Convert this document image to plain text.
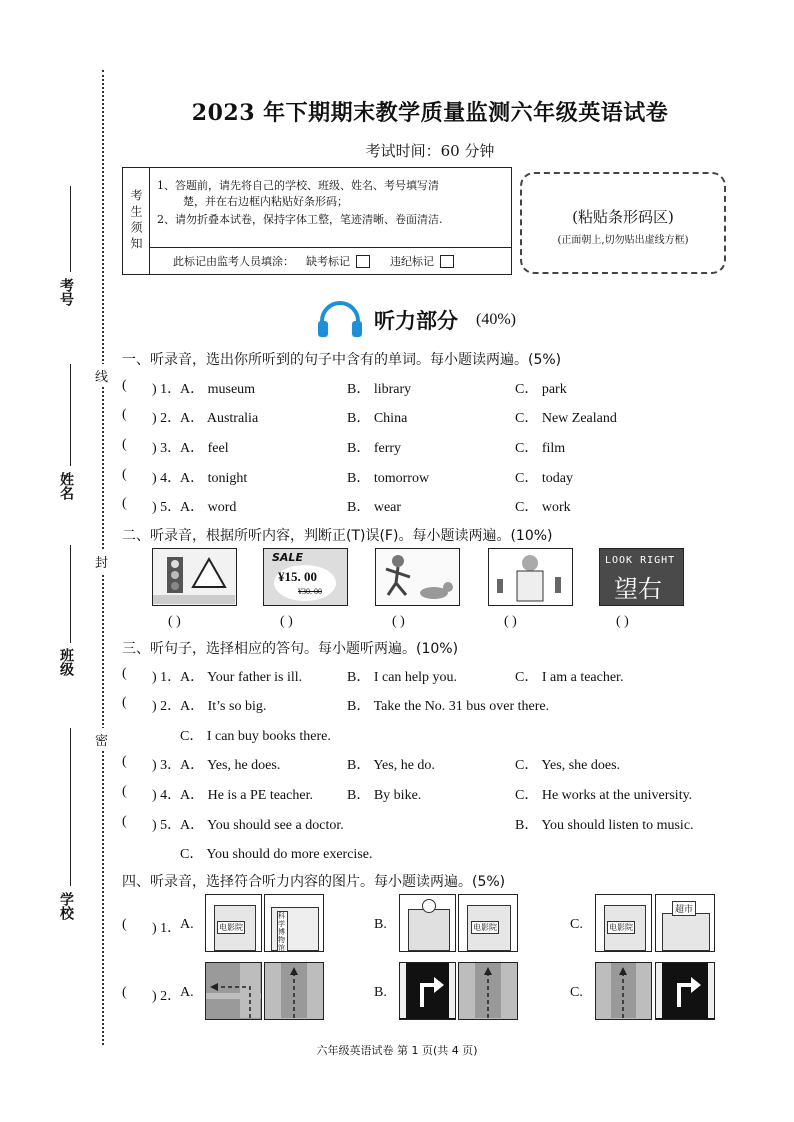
考号
姓名
班级
学校
线
封
密
2023 年下期期末教学质量监测六年级英语试卷
考试时间：60 分钟
考生须知
1、答题前，请先将自己的学校、班级、姓名、考号填写清
楚，并在右边框内粘贴好条形码；
2、请勿折叠本试卷，保持字体工整，笔迹清晰、卷面清洁.
此标记由监考人员填涂： 缺考标记	违纪标记
(粘贴条形码区)
(正面朝上,切勿贴出虚线方框)
听力部分 (40%)
一、听录音，选出你所听到的句子中含有的单词。每小题读两遍。(5%)
( ) 1．
A． museum	B． library	C． park
( ) 2．
A． Australia	B． China	C． New Zealand
( ) 3．
A． feel	B． ferry	C． film
( ) 4．
A． tonight	B． tomorrow	C． today
( ) 5．
A． word	B． wear	C． work
二、听录音，根据所听内容，判断正(T)误(F)。每小题读两遍。(10%)
SALE
¥15. 00
¥30. 00
LOOK RIGHT
望右
( )	( )	( )	( )	( )
三、听句子，选择相应的答句。每小题听两遍。(10%)
( ) 1．
A． Your father is ill.	B． I can help you.	C． I am a teacher.
( ) 2．
A． It’s so big.	B． Take the No. 31 bus over there.
C． I can buy books there.
( ) 3．
A． Yes, he does.	B． Yes, he do.	C． Yes, she does.
( ) 4．
A． He is a PE teacher. B． By bike.	C． He works at the university.
( ) 5．
A． You should see a doctor.	B． You should listen to music.
C． You should do more exercise.
四、听录音，选择符合听力内容的图片。每小题读两遍。(5%)
( ) 1．
A.	B.	C.
( ) 2．
A.	B.	C.
电影院
科学博物馆
电影院	电影院
超市
六年级英语试卷 第 1 页(共 4 页)
